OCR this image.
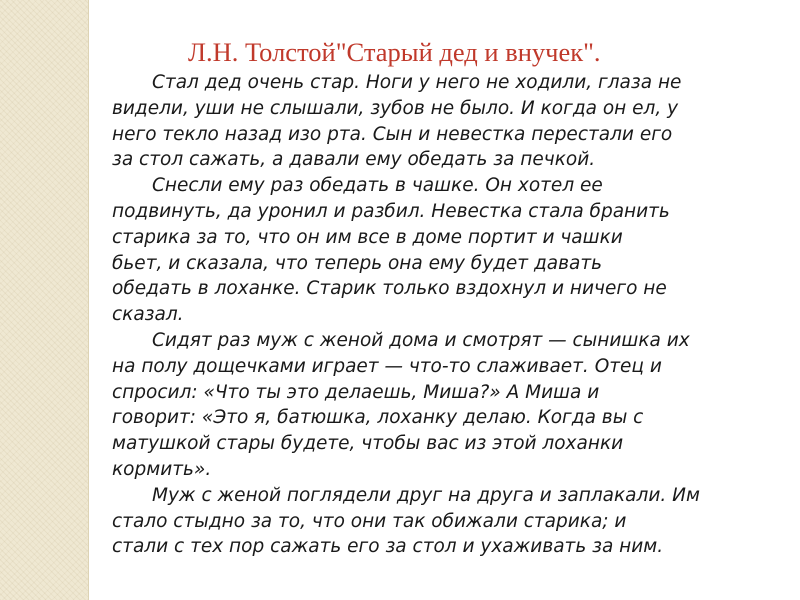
Л.Н. Толстой"Старый дед и внучек".
Стал дед очень стар. Ноги у него не ходили, глаза не
видели, уши не слышали, зубов не было. И когда он ел, у
него текло назад изо рта. Сын и невестка перестали его
за стол сажать, а давали ему обедать за печкой.
Снесли ему раз обедать в чашке. Он хотел ее
подвинуть, да уронил и разбил. Невестка стала бранить
старика за то, что он им все в доме портит и чашки
бьет, и сказала, что теперь она ему будет давать
обедать в лоханке. Старик только вздохнул и ничего не
сказал.
Сидят раз муж с женой дома и смотрят — сынишка их
на полу дощечками играет — что-то слаживает. Отец и
спросил: «Что ты это делаешь, Миша?» А Миша и
говорит: «Это я, батюшка, лоханку делаю. Когда вы с
матушкой стары будете, чтобы вас из этой лоханки
кормить».
Муж с женой поглядели друг на друга и заплакали. Им
стало стыдно за то, что они так обижали старика; и
стали с тех пор сажать его за стол и ухаживать за ним.
